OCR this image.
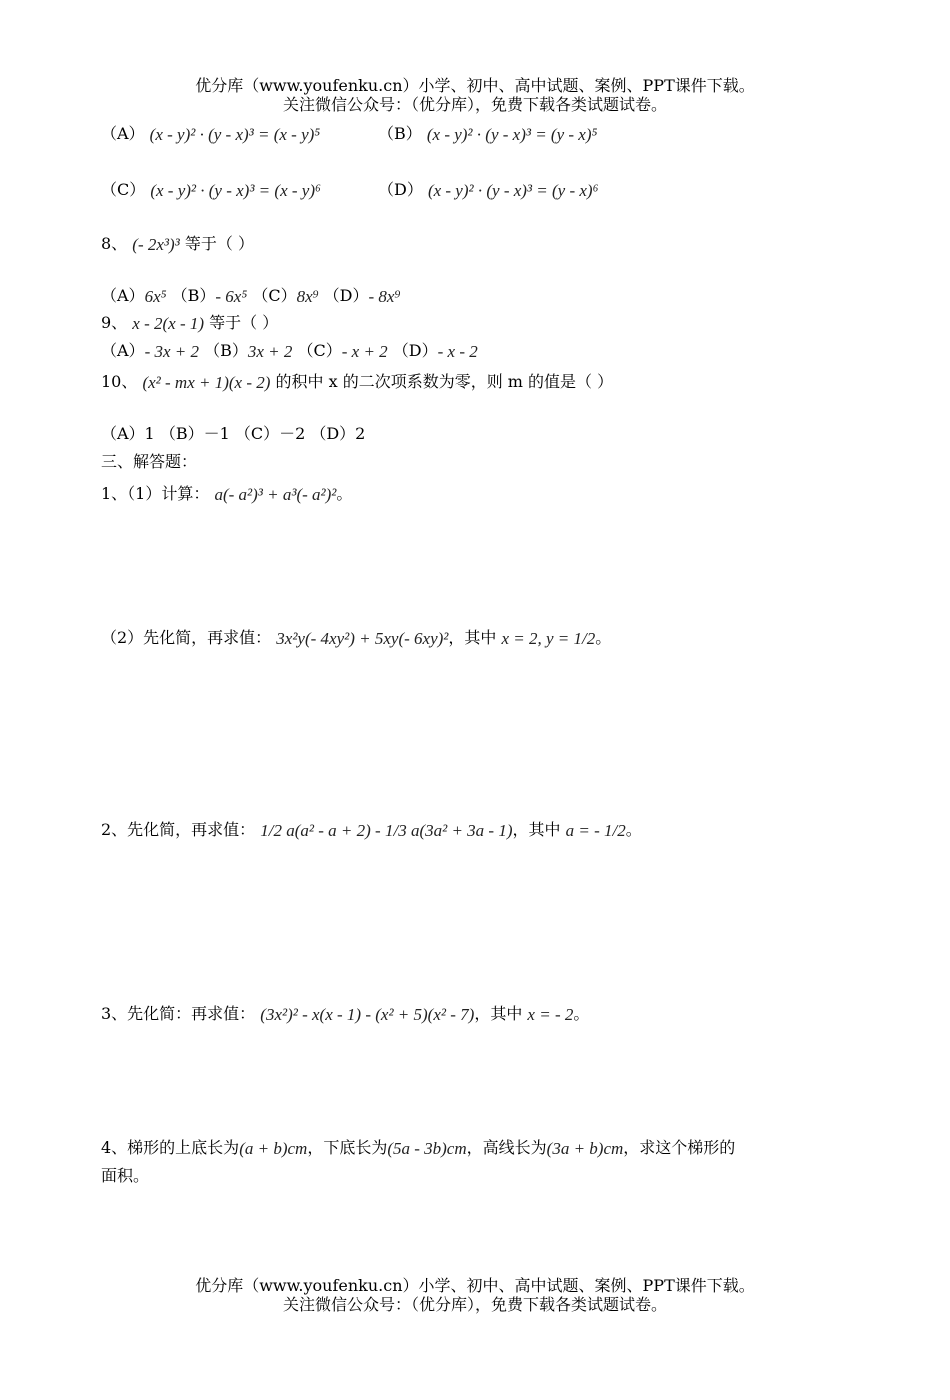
优分库（www.youfenku.cn）小学、初中、高中试题、案例、PPT课件下载。
关注微信公众号：（优分库），免费下载各类试题试卷。
（A） (x - y)² · (y - x)³ = (x - y)⁵	（B） (x - y)² · (y - x)³ = (y - x)⁵
（C） (x - y)² · (y - x)³ = (x - y)⁶	（D） (x - y)² · (y - x)³ = (y - x)⁶
8、 (- 2x³)³ 等于（ ）
（A）6x⁵ （B）- 6x⁵ （C）8x⁹ （D）- 8x⁹
9、 x - 2(x - 1) 等于（ ）
（A）- 3x + 2 （B）3x + 2 （C）- x + 2 （D）- x - 2
10、 (x² - mx + 1)(x - 2) 的积中 x 的二次项系数为零，则 m 的值是（ ）
（A）1 （B）－1 （C）－2 （D）2
三、解答题：
1、（1）计算： a(- a²)³ + a³(- a²)²。
（2）先化简，再求值： 3x²y(- 4xy²) + 5xy(- 6xy)²，其中 x = 2, y = 1/2。
2、先化简，再求值： 1/2 a(a² - a + 2) - 1/3 a(3a² + 3a - 1)，其中 a = - 1/2。
3、先化简：再求值： (3x²)² - x(x - 1) - (x² + 5)(x² - 7)，其中 x = - 2。
4、梯形的上底长为(a + b)cm，下底长为(5a - 3b)cm，高线长为(3a + b)cm，求这个梯形的
面积。
优分库（www.youfenku.cn）小学、初中、高中试题、案例、PPT课件下载。
关注微信公众号：（优分库），免费下载各类试题试卷。
